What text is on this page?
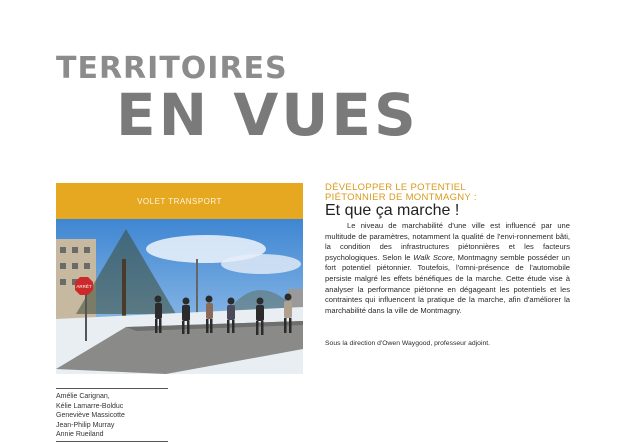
TERRITOIRES
EN VUES
VOLET TRANSPORT
ARRÊT
Amélie Carignan,
Kélie Lamarre-Bolduc
Geneviève Massicotte
Jean-Philip Murray
Annie Rueiland
DÉVELOPPER LE POTENTIEL
PIÉTONNIER DE MONTMAGNY :
Et que ça marche !

Le niveau de marchabilité d'une ville est influencé par une multitude de paramètres, notamment la qualité de l'envi-ronnement bâti, la condition des infrastructures piétonnières et les facteurs psychologiques. Selon le Walk Score, Montmagny semble posséder un fort potentiel piétonnier. Toutefois, l'omni-présence de l'automobile persiste malgré les effets bénéfiques de la marche. Cette étude vise à analyser la performance piétonne en dégageant les potentiels et les contraintes qui influencent la pratique de la marche, afin d'améliorer la marchabilité dans la ville de Montmagny.

Sous la direction d'Owen Waygood, professeur adjoint.
